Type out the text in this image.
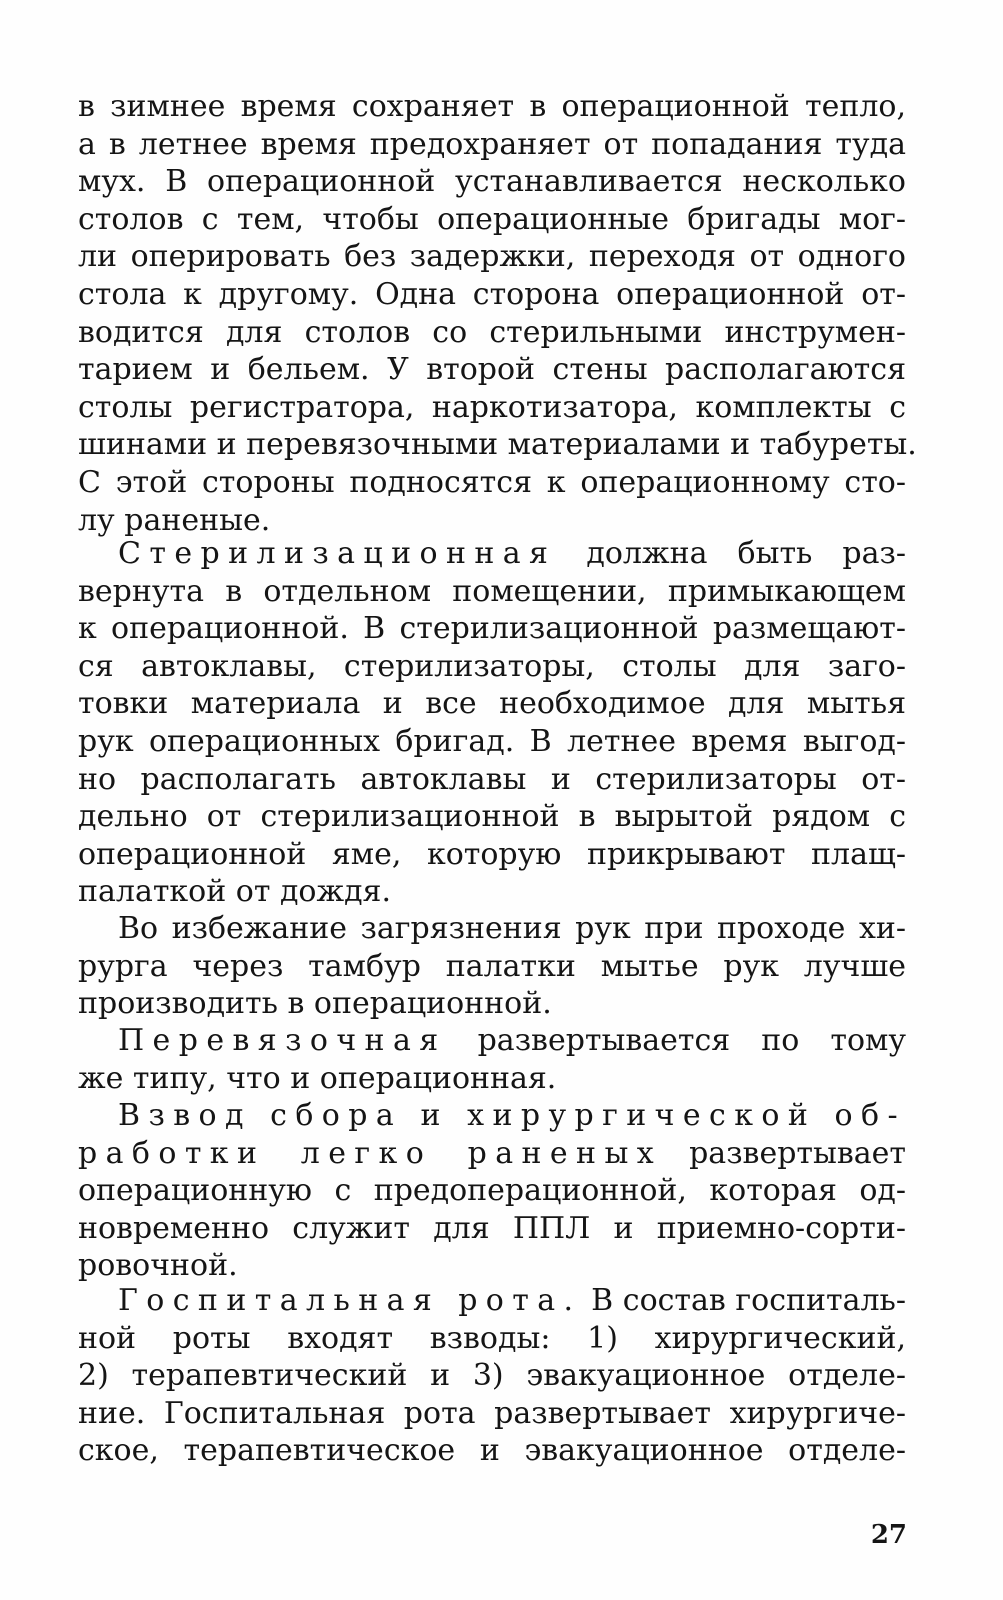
в зимнее время сохраняет в операционной тепло,
а в летнее время предохраняет от попадания туда
мух. В операционной устанавливается несколько
столов с тем, чтобы операционные бригады мог-
ли оперировать без задержки, переходя от одного
стола к другому. Одна сторона операционной от-
водится для столов со стерильными инструмен-
тарием и бельем. У второй стены располагаются
столы регистратора, наркотизатора, комплекты с
шинами и перевязочными материалами и табуреты.
С этой стороны подносятся к операционному сто-
лу раненые.
Стерилизационная должна быть раз-
вернута в отдельном помещении, примыкающем
к операционной. В стерилизационной размещают-
ся автоклавы, стерилизаторы, столы для заго-
товки материала и все необходимое для мытья
рук операционных бригад. В летнее время выгод-
но располагать автоклавы и стерилизаторы от-
дельно от стерилизационной в вырытой рядом с
операционной яме, которую прикрывают плащ-
палаткой от дождя.
Во избежание загрязнения рук при проходе хи-
рурга через тамбур палатки мытье рук лучше
производить в операционной.
Перевязочная развертывается по тому
же типу, что и операционная.
Взвод сбора и хирургической об-
работки легко раненых развертывает
операционную с предоперационной, которая од-
новременно служит для ППЛ и приемно-сорти-
ровочной.
Госпитальная рота. В состав госпиталь-
ной роты входят взводы: 1) хирургический,
2) терапевтический и 3) эвакуационное отделе-
ние. Госпитальная рота развертывает хирургиче-
ское, терапевтическое и эвакуационное отделе-
27
